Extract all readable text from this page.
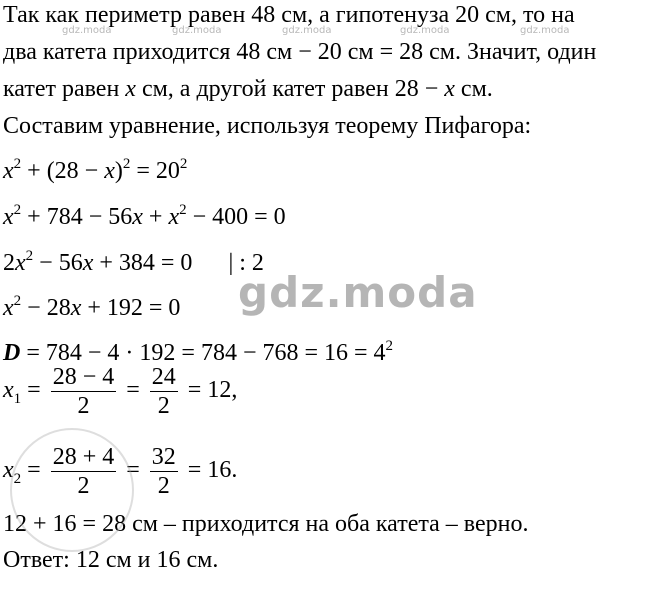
Так как периметр равен 48 см, а гипотенуза 20 см, то на
два катета приходится 48 см − 20 см = 28 см. Значит, один
катет равен x см, а другой катет равен 28 − x см.
Составим уравнение, используя теорему Пифагора:
$x^2 + (28 - x)^2 = 20^2$
$x^2 + 784 - 56x + x^2 - 400 = 0$
$2x^2 - 56x + 384 = 0$ | : 2
$x^2 - 28x + 192 = 0$
$D = 784 - 4 \cdot 192 = 784 - 768 = 16 = 4^2$
$x_1 = \frac{28 - 4}{2} = \frac{24}{2} = 12$,
$x_2 = \frac{28 + 4}{2} = \frac{32}{2} = 16$.
12 + 16 = 28 см – приходится на оба катета – верно.
Ответ: 12 см и 16 см.
gdz.moda	gdz.moda	gdz.moda	gdz.moda	gdz.moda
gdz.moda
